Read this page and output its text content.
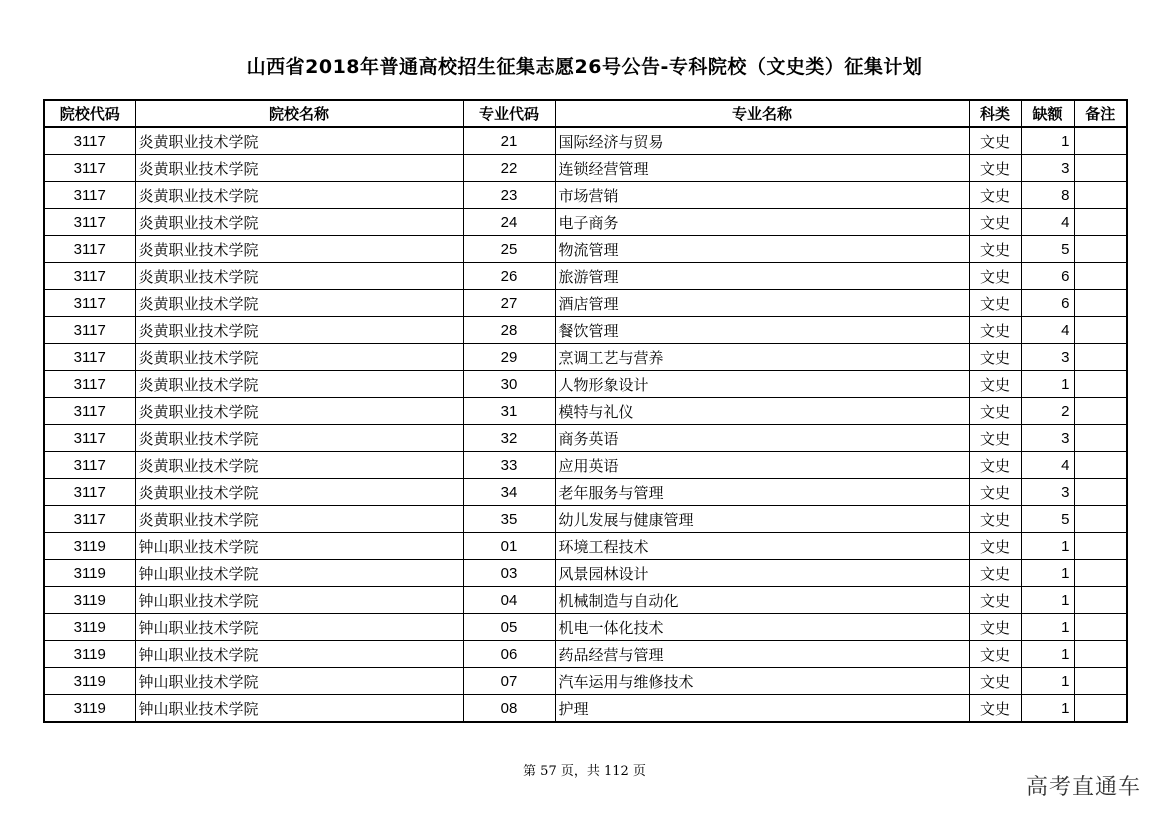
山西省2018年普通高校招生征集志愿26号公告-专科院校（文史类）征集计划
院校代码	院校名称	专业代码	专业名称	科类	缺额	备注
3117	炎黄职业技术学院	21	国际经济与贸易	文史	1	
3117	炎黄职业技术学院	22	连锁经营管理	文史	3	
3117	炎黄职业技术学院	23	市场营销	文史	8	
3117	炎黄职业技术学院	24	电子商务	文史	4	
3117	炎黄职业技术学院	25	物流管理	文史	5	
3117	炎黄职业技术学院	26	旅游管理	文史	6	
3117	炎黄职业技术学院	27	酒店管理	文史	6	
3117	炎黄职业技术学院	28	餐饮管理	文史	4	
3117	炎黄职业技术学院	29	烹调工艺与营养	文史	3	
3117	炎黄职业技术学院	30	人物形象设计	文史	1	
3117	炎黄职业技术学院	31	模特与礼仪	文史	2	
3117	炎黄职业技术学院	32	商务英语	文史	3	
3117	炎黄职业技术学院	33	应用英语	文史	4	
3117	炎黄职业技术学院	34	老年服务与管理	文史	3	
3117	炎黄职业技术学院	35	幼儿发展与健康管理	文史	5	
3119	钟山职业技术学院	01	环境工程技术	文史	1	
3119	钟山职业技术学院	03	风景园林设计	文史	1	
3119	钟山职业技术学院	04	机械制造与自动化	文史	1	
3119	钟山职业技术学院	05	机电一体化技术	文史	1	
3119	钟山职业技术学院	06	药品经营与管理	文史	1	
3119	钟山职业技术学院	07	汽车运用与维修技术	文史	1	
3119	钟山职业技术学院	08	护理	文史	1	
第 57 页，共 112 页
高考直通车
